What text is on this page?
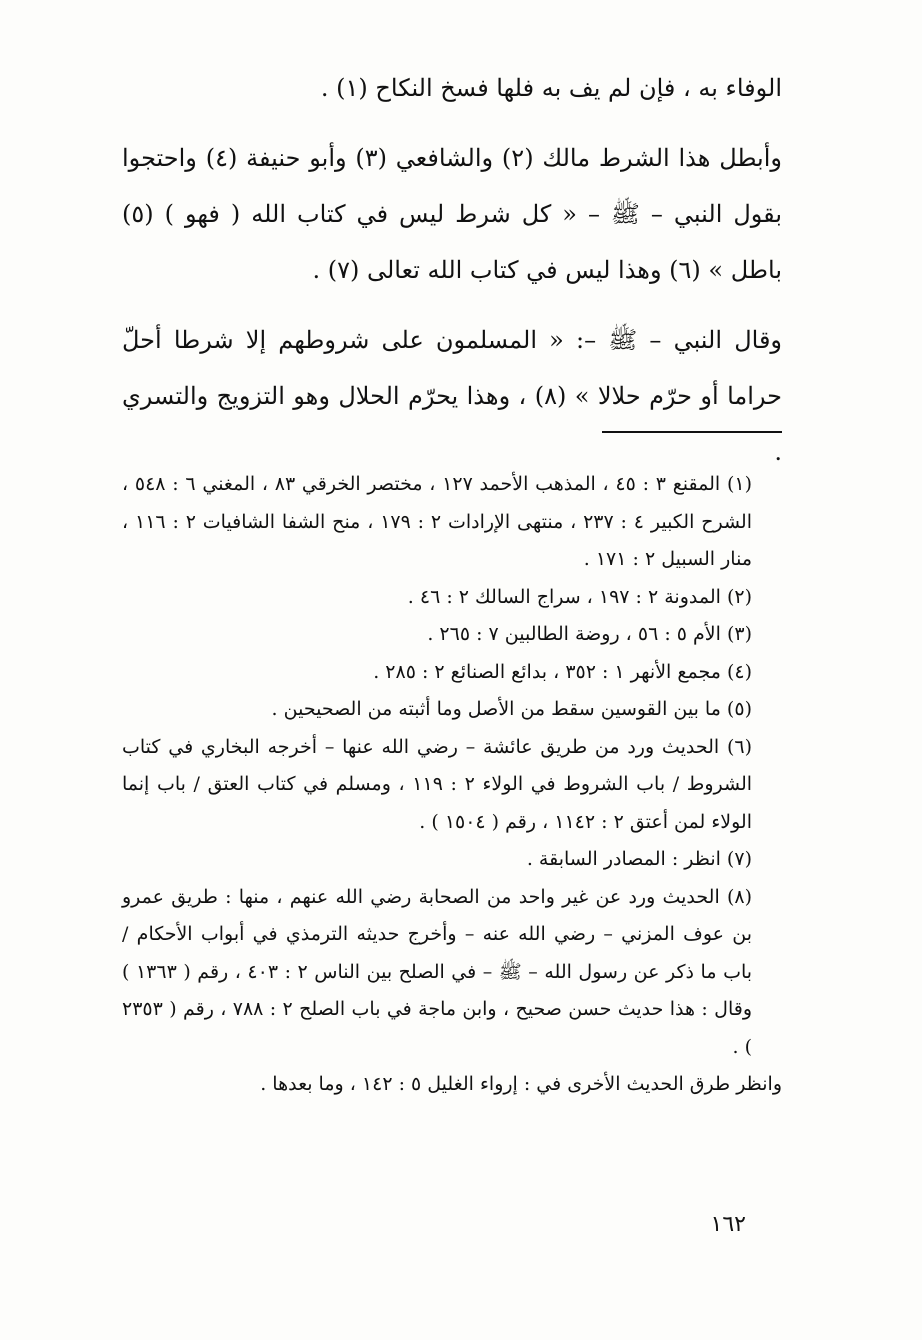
الوفاء به ، فإن لم يف به فلها فسخ النكاح (١) .

وأبطل هذا الشرط مالك (٢) والشافعي (٣) وأبو حنيفة (٤) واحتجوا بقول النبي – ﷺ – « كل شرط ليس في كتاب الله ( فهو ) (٥) باطل » (٦) وهذا ليس في كتاب الله تعالى (٧) .

وقال النبي – ﷺ –: « المسلمون على شروطهم إلا شرطا أحلّ حراما أو حرّم حلالا » (٨) ، وهذا يحرّم الحلال وهو التزويج والتسري .

(١) المقنع ٣ : ٤٥ ، المذهب الأحمد ١٢٧ ، مختصر الخرقي ٨٣ ، المغني ٦ : ٥٤٨ ، الشرح الكبير ٤ : ٢٣٧ ، منتهى الإرادات ٢ : ١٧٩ ، منح الشفا الشافيات ٢ : ١١٦ ، منار السبيل ٢ : ١٧١ .

(٢) المدونة ٢ : ١٩٧ ، سراج السالك ٢ : ٤٦ .

(٣) الأم ٥ : ٥٦ ، روضة الطالبين ٧ : ٢٦٥ .

(٤) مجمع الأنهر ١ : ٣٥٢ ، بدائع الصنائع ٢ : ٢٨٥ .

(٥) ما بين القوسين سقط من الأصل وما أثبته من الصحيحين .

(٦) الحديث ورد من طريق عائشة – رضي الله عنها – أخرجه البخاري في كتاب الشروط / باب الشروط في الولاء ٢ : ١١٩ ، ومسلم في كتاب العتق / باب إنما الولاء لمن أعتق ٢ : ١١٤٢ ، رقم ( ١٥٠٤ ) .

(٧) انظر : المصادر السابقة .

(٨) الحديث ورد عن غير واحد من الصحابة رضي الله عنهم ، منها : طريق عمرو بن عوف المزني – رضي الله عنه – وأخرج حديثه الترمذي في أبواب الأحكام / باب ما ذكر عن رسول الله – ﷺ – في الصلح بين الناس ٢ : ٤٠٣ ، رقم ( ١٣٦٣ ) وقال : هذا حديث حسن صحيح ، وابن ماجة في باب الصلح ٢ : ٧٨٨ ، رقم ( ٢٣٥٣ ) .

وانظر طرق الحديث الأخرى في : إرواء الغليل ٥ : ١٤٢ ، وما بعدها .

١٦٢
